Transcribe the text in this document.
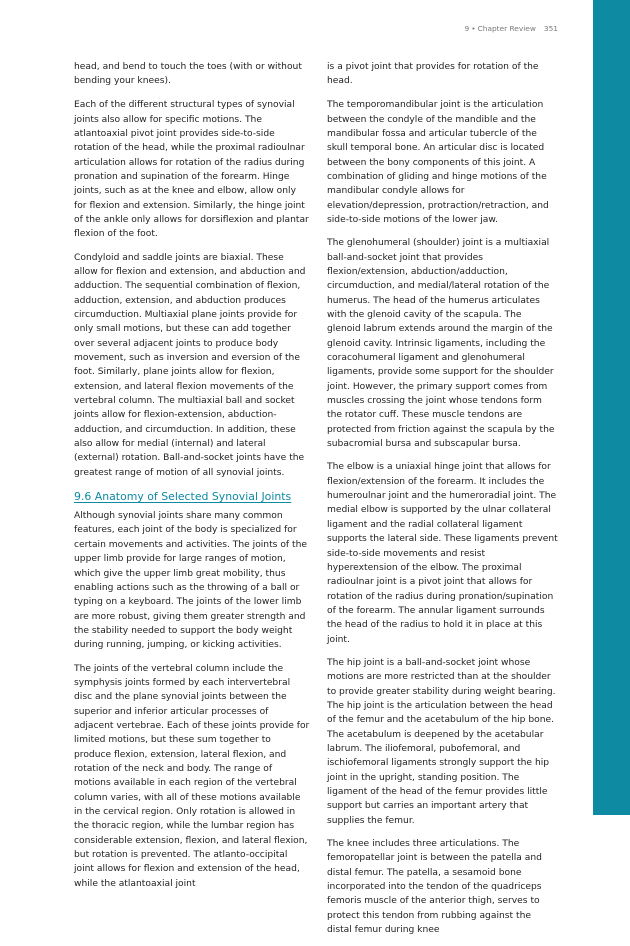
9 • Chapter Review 351

head, and bend to touch the toes (with or without bending your knees).

Each of the different structural types of synovial joints also allow for specific motions. The atlantoaxial pivot joint provides side-to-side rotation of the head, while the proximal radioulnar articulation allows for rotation of the radius during pronation and supination of the forearm. Hinge joints, such as at the knee and elbow, allow only for flexion and extension. Similarly, the hinge joint of the ankle only allows for dorsiflexion and plantar flexion of the foot.

Condyloid and saddle joints are biaxial. These allow for flexion and extension, and abduction and adduction. The sequential combination of flexion, adduction, extension, and abduction produces circumduction. Multiaxial plane joints provide for only small motions, but these can add together over several adjacent joints to produce body movement, such as inversion and eversion of the foot. Similarly, plane joints allow for flexion, extension, and lateral flexion movements of the vertebral column. The multiaxial ball and socket joints allow for flexion-extension, abduction-adduction, and circumduction. In addition, these also allow for medial (internal) and lateral (external) rotation. Ball-and-socket joints have the greatest range of motion of all synovial joints.

9.6 Anatomy of Selected Synovial Joints

Although synovial joints share many common features, each joint of the body is specialized for certain movements and activities. The joints of the upper limb provide for large ranges of motion, which give the upper limb great mobility, thus enabling actions such as the throwing of a ball or typing on a keyboard. The joints of the lower limb are more robust, giving them greater strength and the stability needed to support the body weight during running, jumping, or kicking activities.

The joints of the vertebral column include the symphysis joints formed by each intervertebral disc and the plane synovial joints between the superior and inferior articular processes of adjacent vertebrae. Each of these joints provide for limited motions, but these sum together to produce flexion, extension, lateral flexion, and rotation of the neck and body. The range of motions available in each region of the vertebral column varies, with all of these motions available in the cervical region. Only rotation is allowed in the thoracic region, while the lumbar region has considerable extension, flexion, and lateral flexion, but rotation is prevented. The atlanto-occipital joint allows for flexion and extension of the head, while the atlantoaxial joint

is a pivot joint that provides for rotation of the head.

The temporomandibular joint is the articulation between the condyle of the mandible and the mandibular fossa and articular tubercle of the skull temporal bone. An articular disc is located between the bony components of this joint. A combination of gliding and hinge motions of the mandibular condyle allows for elevation/depression, protraction/retraction, and side-to-side motions of the lower jaw.

The glenohumeral (shoulder) joint is a multiaxial ball-and-socket joint that provides flexion/extension, abduction/adduction, circumduction, and medial/lateral rotation of the humerus. The head of the humerus articulates with the glenoid cavity of the scapula. The glenoid labrum extends around the margin of the glenoid cavity. Intrinsic ligaments, including the coracohumeral ligament and glenohumeral ligaments, provide some support for the shoulder joint. However, the primary support comes from muscles crossing the joint whose tendons form the rotator cuff. These muscle tendons are protected from friction against the scapula by the subacromial bursa and subscapular bursa.

The elbow is a uniaxial hinge joint that allows for flexion/extension of the forearm. It includes the humeroulnar joint and the humeroradial joint. The medial elbow is supported by the ulnar collateral ligament and the radial collateral ligament supports the lateral side. These ligaments prevent side-to-side movements and resist hyperextension of the elbow. The proximal radioulnar joint is a pivot joint that allows for rotation of the radius during pronation/supination of the forearm. The annular ligament surrounds the head of the radius to hold it in place at this joint.

The hip joint is a ball-and-socket joint whose motions are more restricted than at the shoulder to provide greater stability during weight bearing. The hip joint is the articulation between the head of the femur and the acetabulum of the hip bone. The acetabulum is deepened by the acetabular labrum. The iliofemoral, pubofemoral, and ischiofemoral ligaments strongly support the hip joint in the upright, standing position. The ligament of the head of the femur provides little support but carries an important artery that supplies the femur.

The knee includes three articulations. The femoropatellar joint is between the patella and distal femur. The patella, a sesamoid bone incorporated into the tendon of the quadriceps femoris muscle of the anterior thigh, serves to protect this tendon from rubbing against the distal femur during knee
